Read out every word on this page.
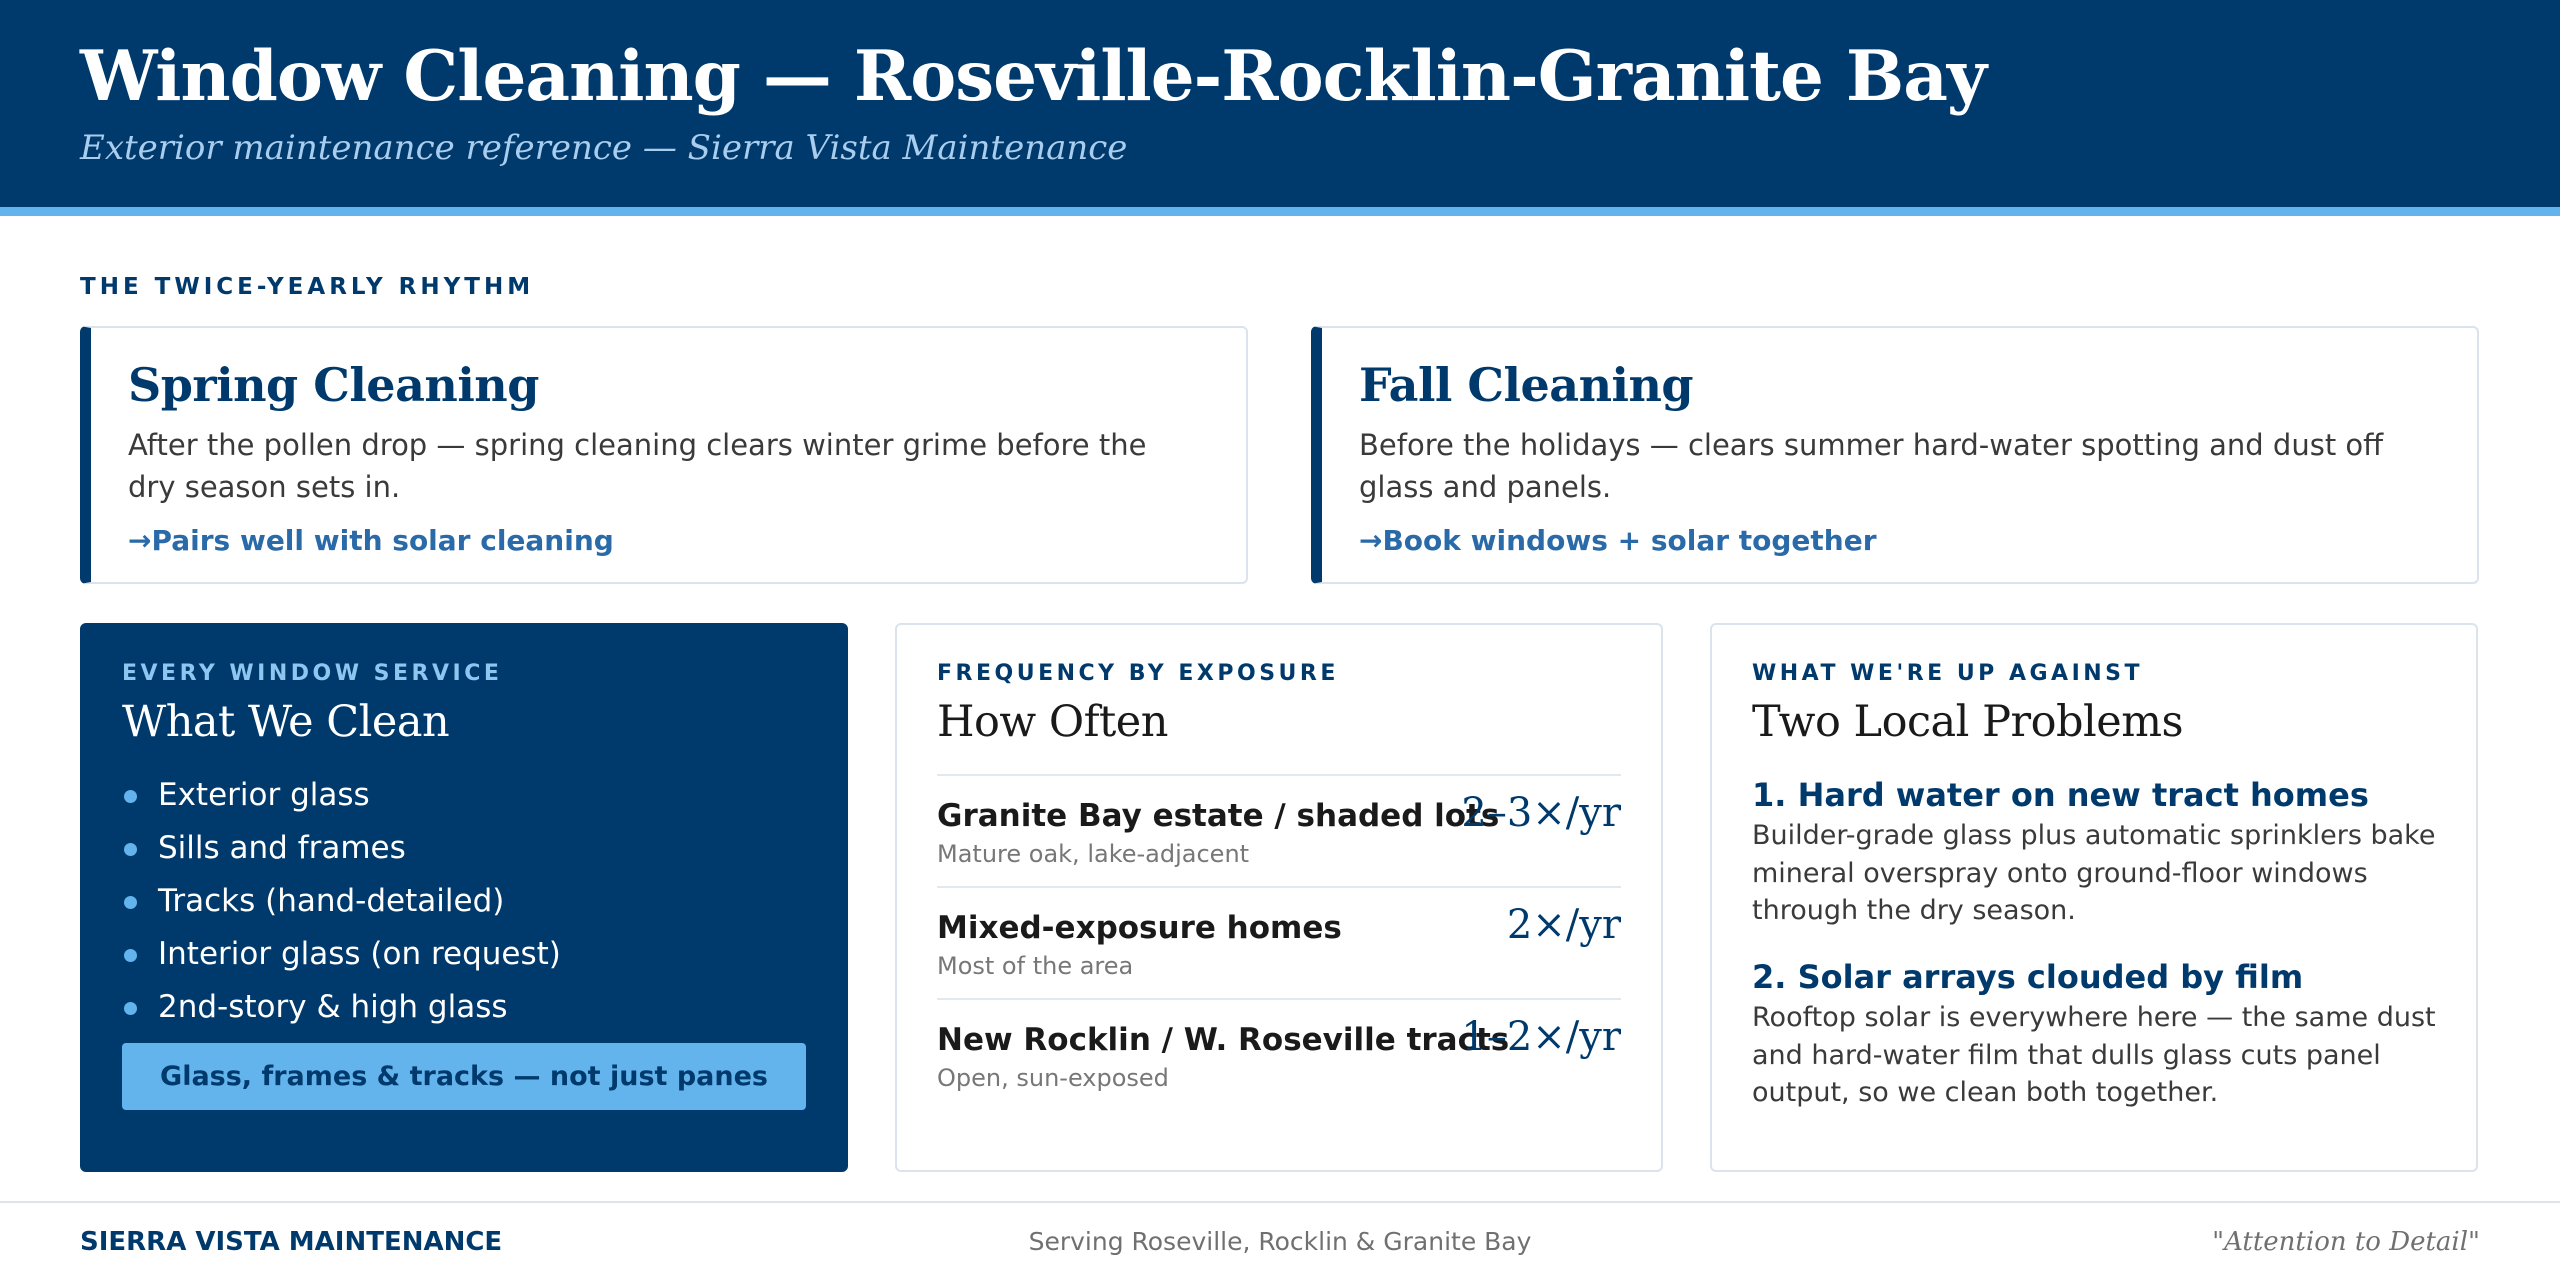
Window Cleaning — Roseville-Rocklin-Granite Bay

Exterior maintenance reference — Sierra Vista Maintenance

THE TWICE-YEARLY RHYTHM
Spring Cleaning

After the pollen drop — spring cleaning clears winter grime before the dry season sets in.

→Pairs well with solar cleaning
Fall Cleaning

Before the holidays — clears summer hard-water spotting and dust off glass and panels.

→Book windows + solar together
EVERY WINDOW SERVICE
What We Clean
Exterior glass
Sills and frames
Tracks (hand-detailed)
Interior glass (on request)
2nd-story & high glass
Glass, frames & tracks — not just panes
FREQUENCY BY EXPOSURE
How Often
Granite Bay estate / shaded lots
Mature oak, lake-adjacent
2–3×/yr
Mixed-exposure homes
Most of the area
2×/yr
New Rocklin / W. Roseville tracts
Open, sun-exposed
1–2×/yr
WHAT WE'RE UP AGAINST
Two Local Problems
1. Hard water on new tract homes

Builder-grade glass plus automatic sprinklers bake mineral overspray onto ground-floor windows through the dry season.

2. Solar arrays clouded by film

Rooftop solar is everywhere here — the same dust and hard-water film that dulls glass cuts panel output, so we clean both together.

SIERRA VISTA MAINTENANCE	Serving Roseville, Rocklin & Granite Bay	"Attention to Detail"
